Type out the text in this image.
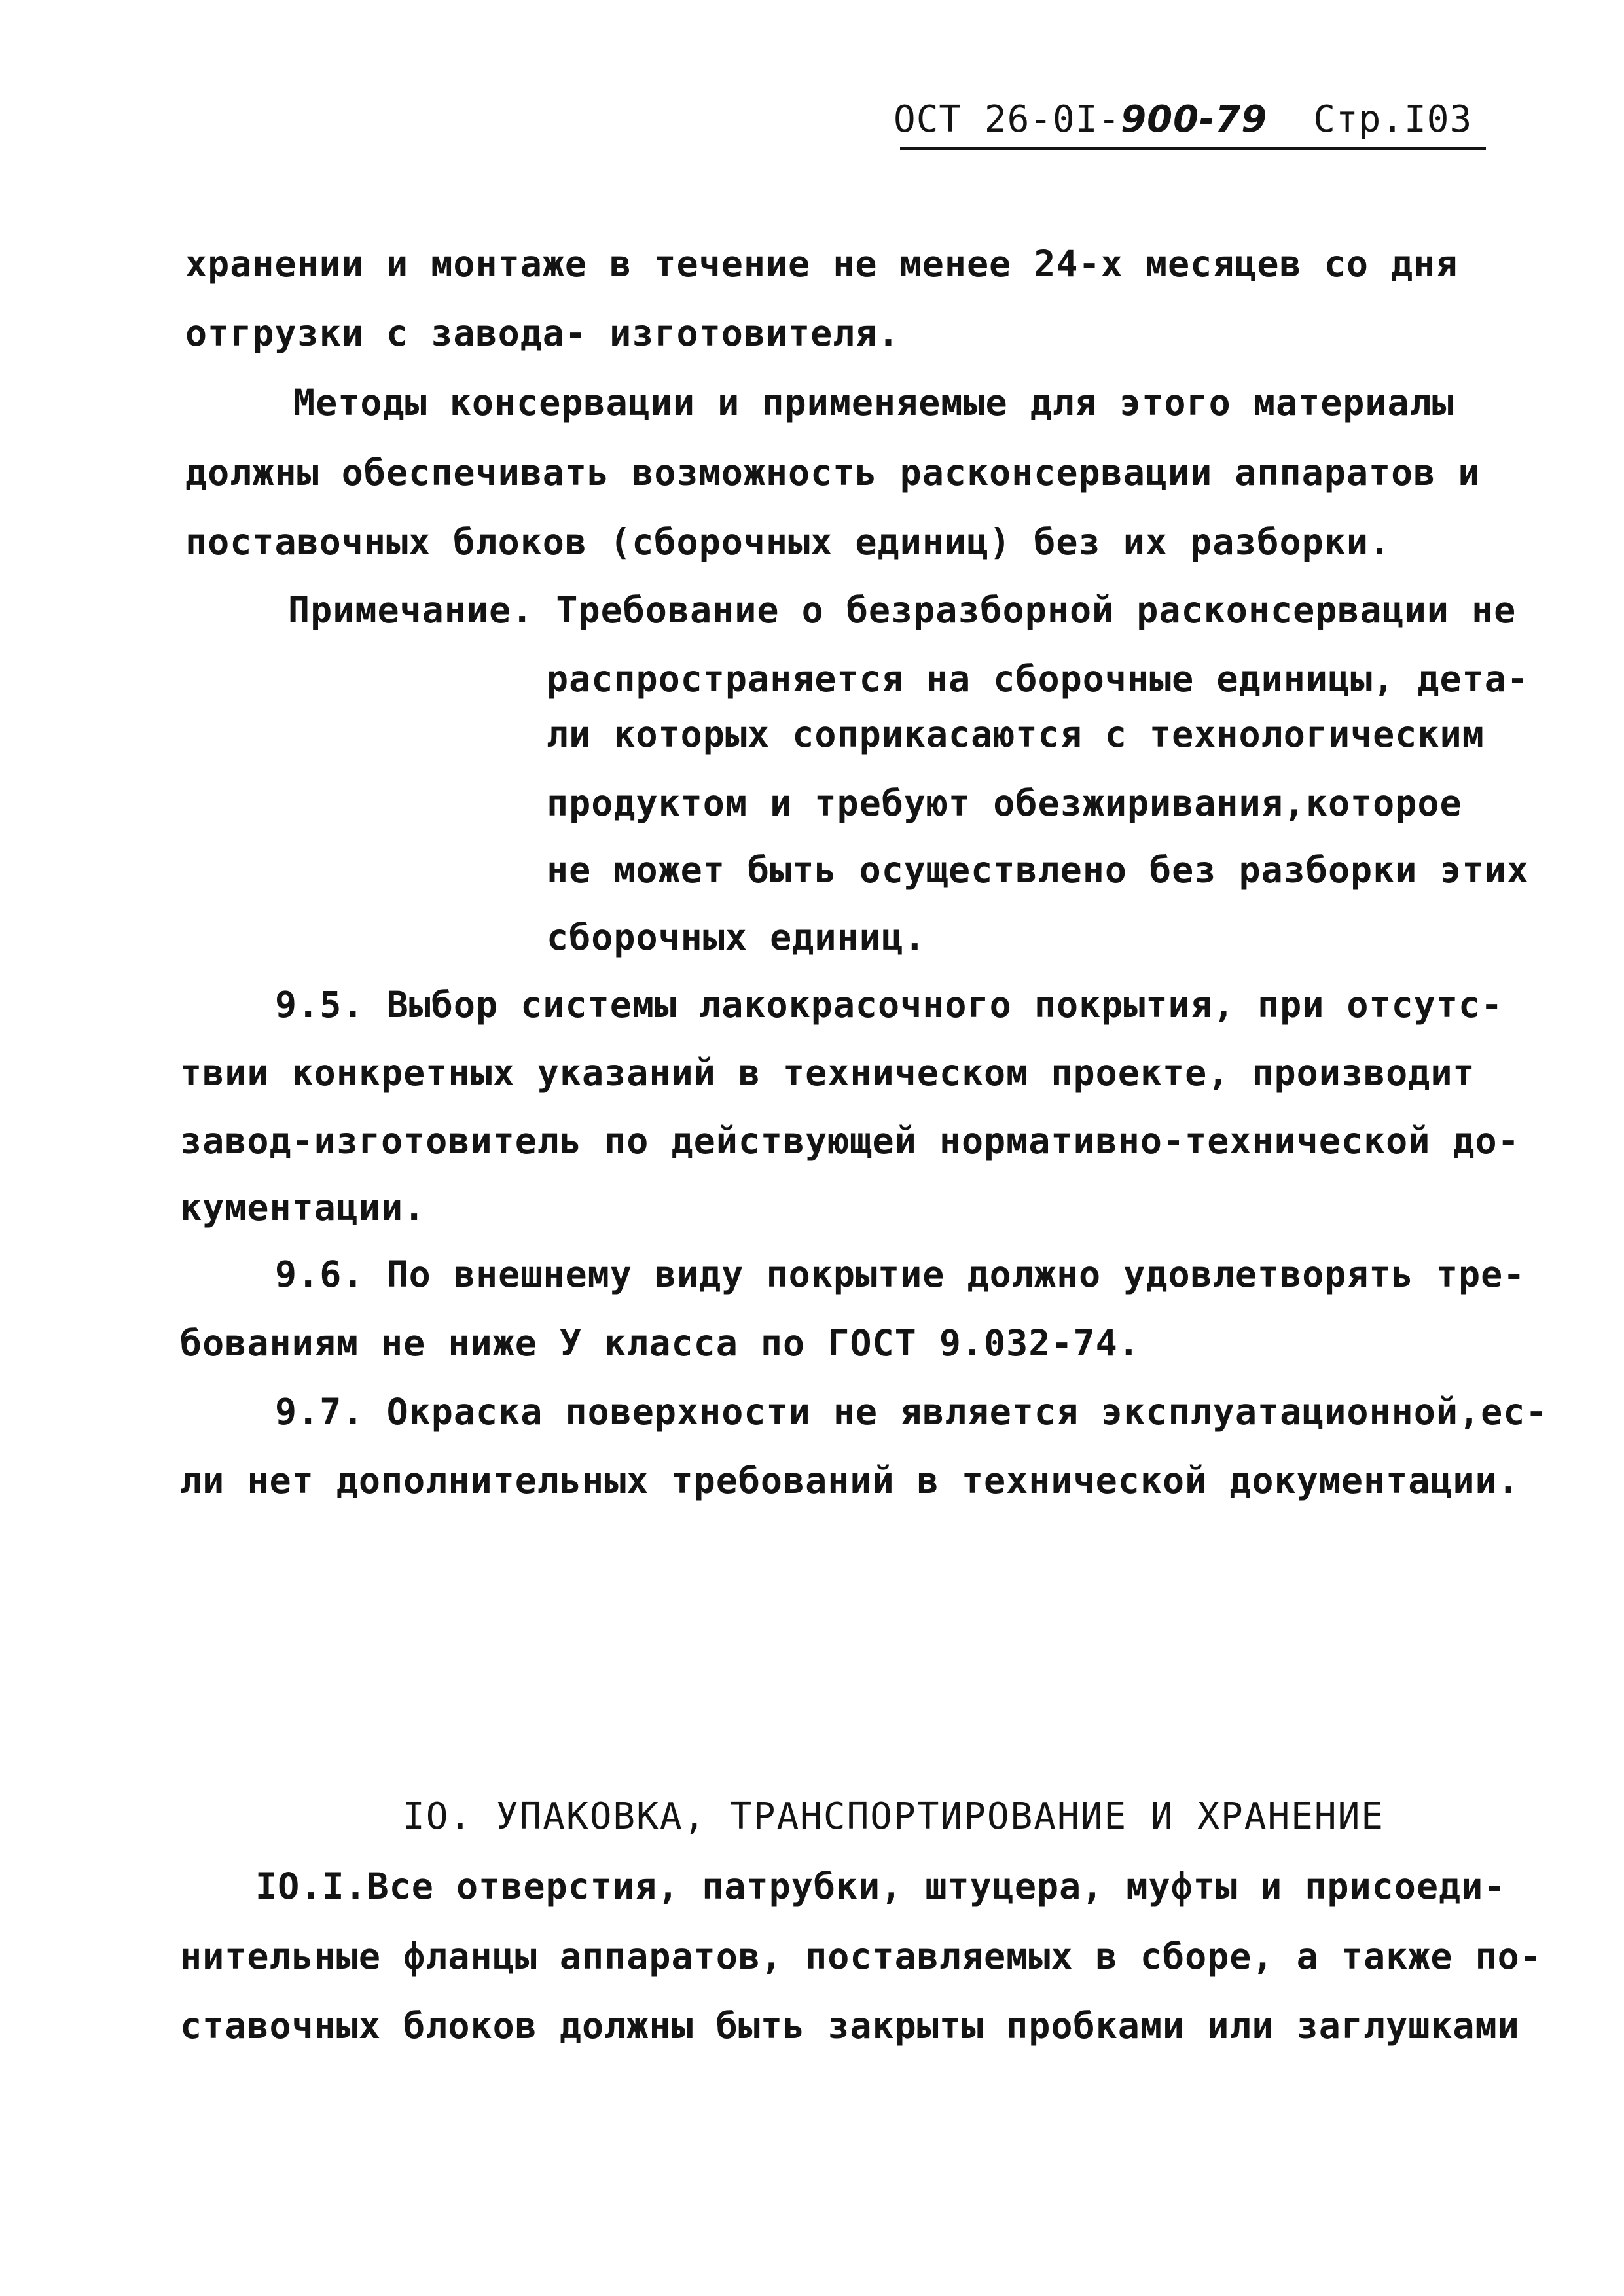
ОСТ 26-0I-900-79 Стр.I03
хранении и монтаже в течение не менее 24-х месяцев со дня
отгрузки с завода- изготовителя.
Методы консервации и применяемые для этого материалы
должны обеспечивать возможность расконсервации аппаратов и
поставочных блоков (сборочных единиц) без их разборки.
Примечание. Требование о безразборной расконсервации не
распространяется на сборочные единицы, дета-
ли которых соприкасаются с технологическим
продуктом и требуют обезжиривания,которое
не может быть осуществлено без разборки этих
сборочных единиц.
9.5. Выбор системы лакокрасочного покрытия, при отсутс-
твии конкретных указаний в техническом проекте, производит
завод-изготовитель по действующей нормативно-технической до-
кументации.
9.6. По внешнему виду покрытие должно удовлетворять тре-
бованиям не ниже У класса по ГОСТ 9.032-74.
9.7. Окраска поверхности не является эксплуатационной,ес-
ли нет дополнительных требований в технической документации.
IO. УПАКОВКА, ТРАНСПОРТИРОВАНИЕ И ХРАНЕНИЕ
IO.I.Все отверстия, патрубки, штуцера, муфты и присоеди-
нительные фланцы аппаратов, поставляемых в сборе, а также по-
ставочных блоков должны быть закрыты пробками или заглушками
